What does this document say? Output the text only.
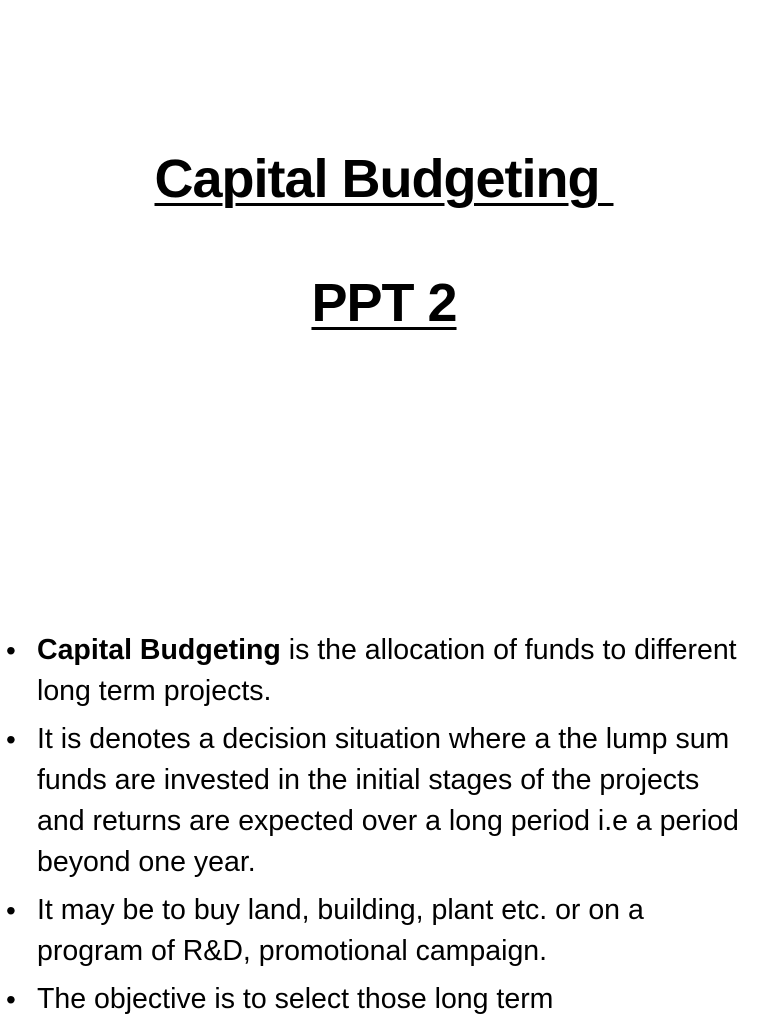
Capital Budgeting
PPT 2
• Capital Budgeting is the allocation of funds to different long term projects.
• It is denotes a decision situation where a the lump sum funds are invested in the initial stages of the projects and returns are expected over a long period i.e a period beyond one year.
• It may be to buy land, building, plant etc. or on a program of R&D, promotional campaign.
• The objective is to select those long term
